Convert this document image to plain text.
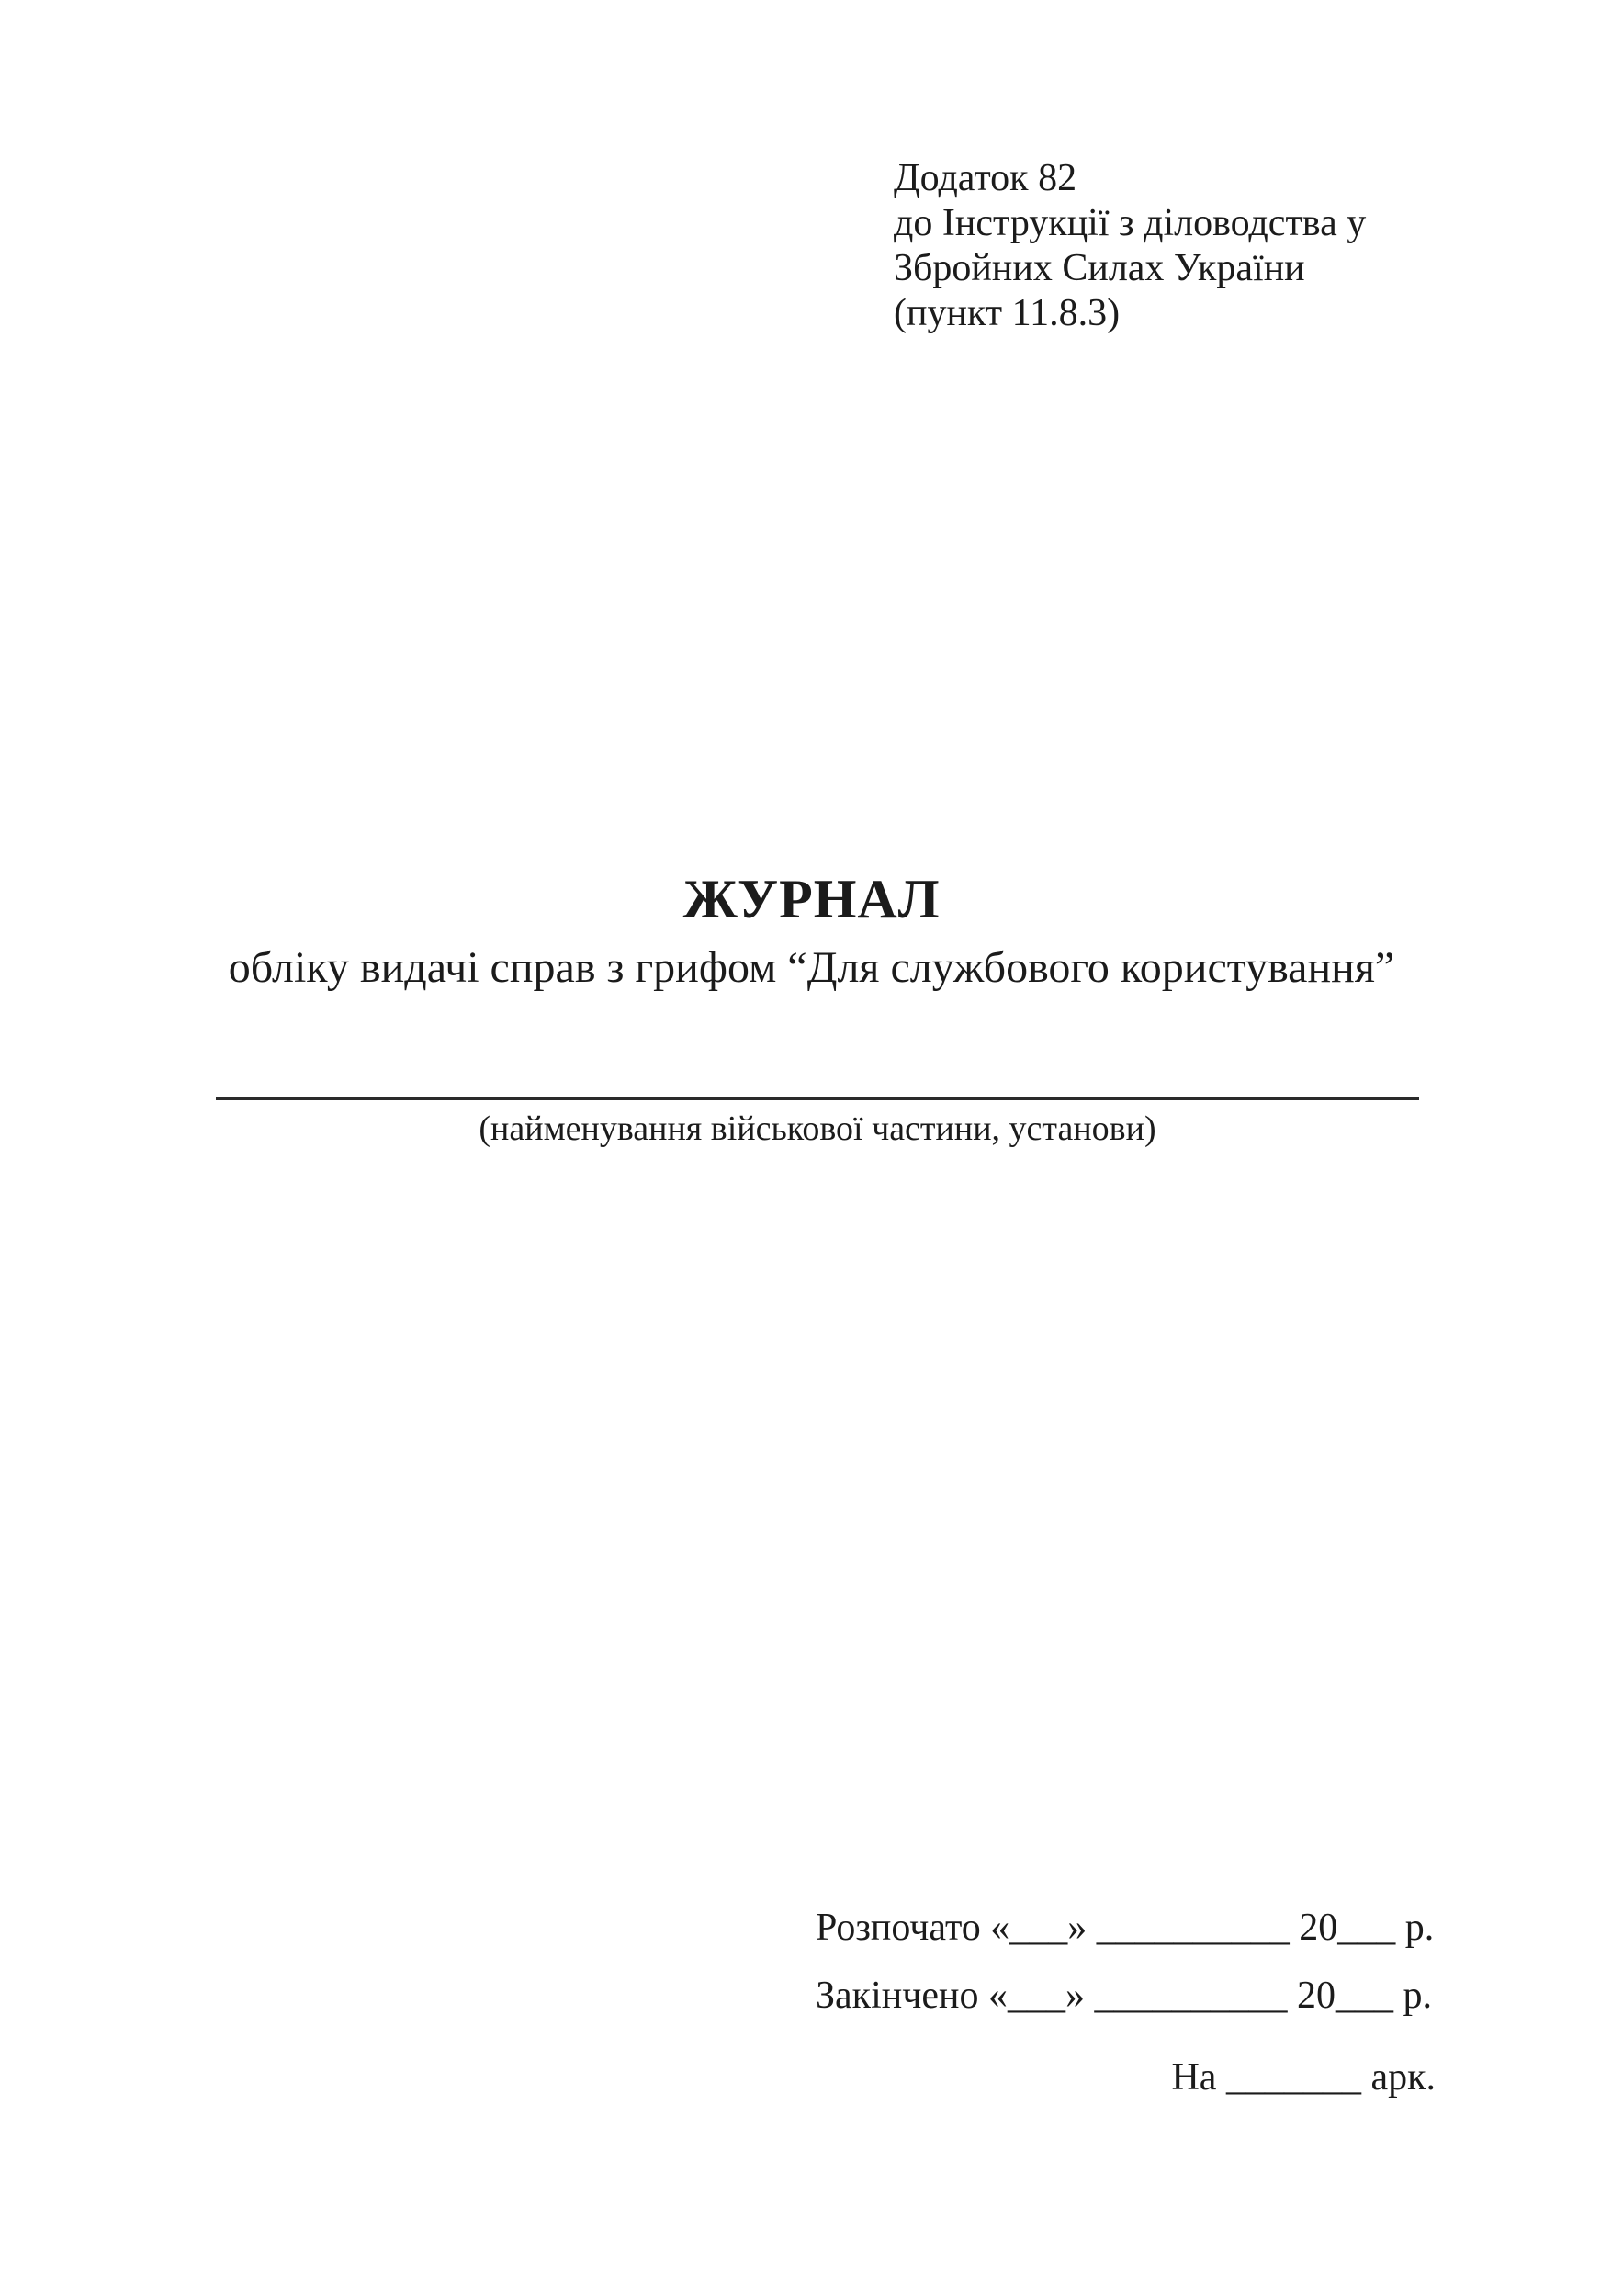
Додаток 82
до Інструкції з діловодства у
Збройних Силах України
(пункт 11.8.3)
ЖУРНАЛ
обліку видачі справ з грифом “Для службового користування”
(найменування військової частини, установи)
Розпочато «___» __________ 20___ р.
Закінчено «___» __________ 20___ р.
На _______ арк.
